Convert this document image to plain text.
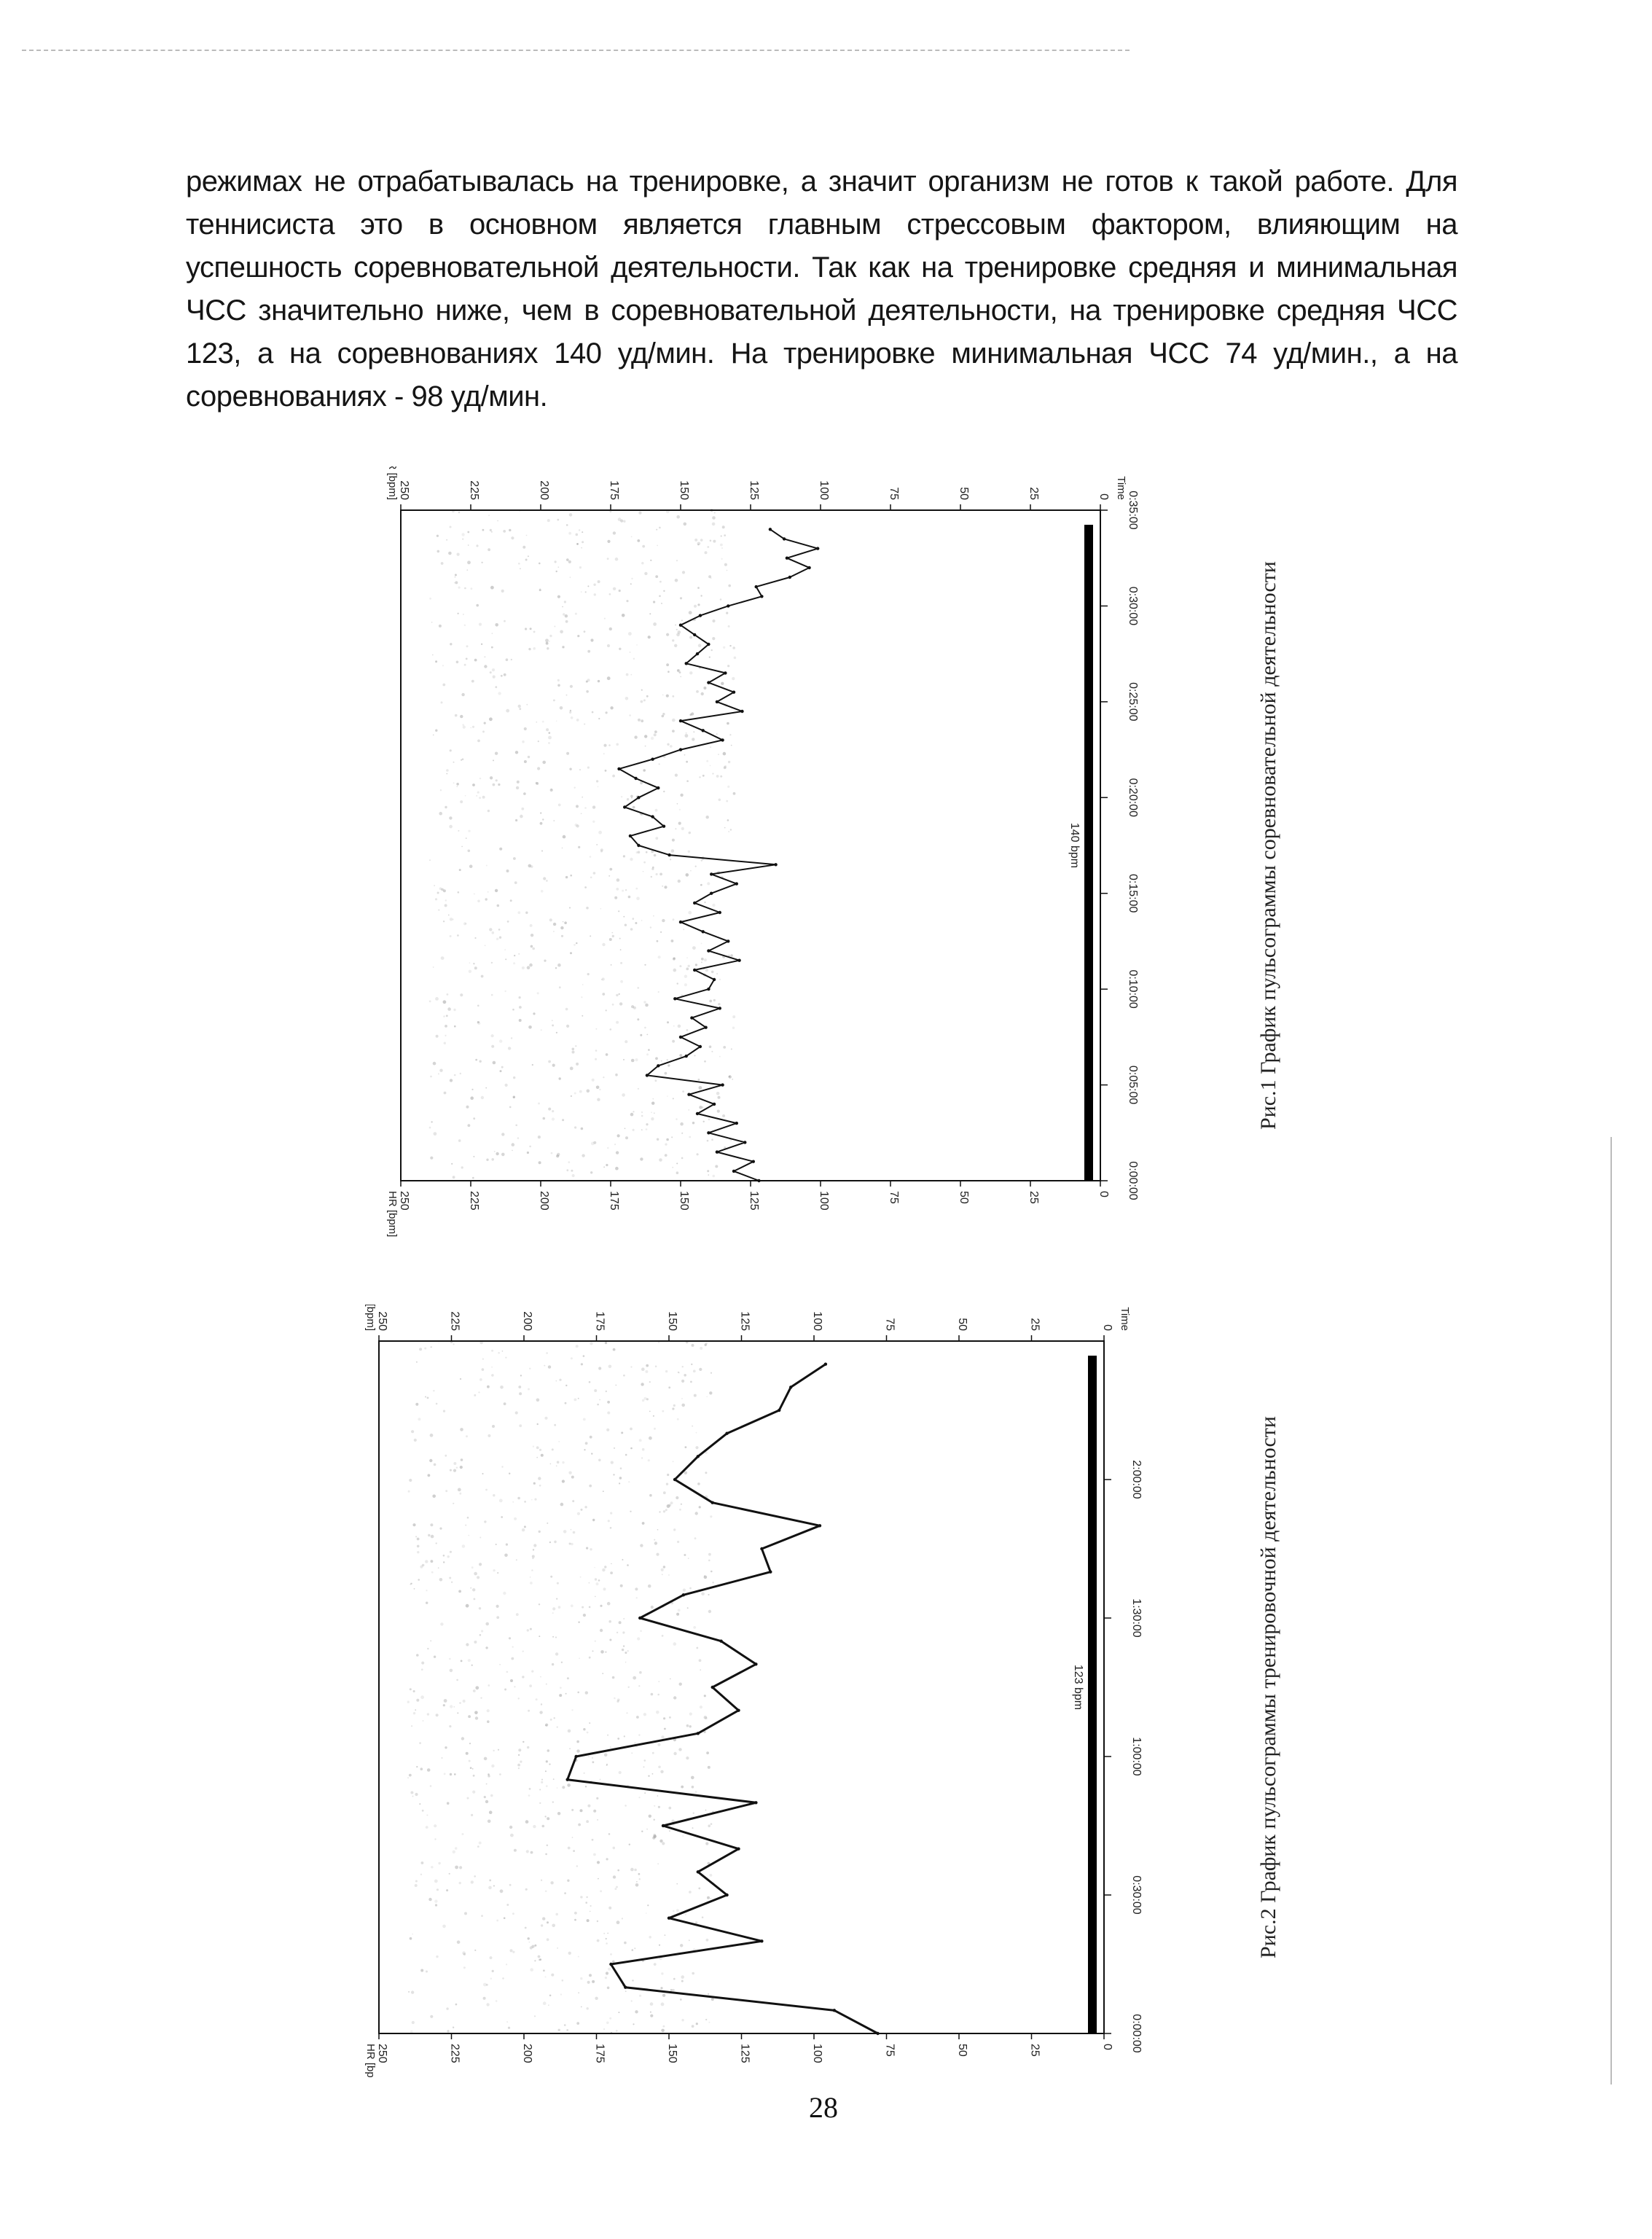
режимах не отрабатывалась на тренировке, а значит организм не готов к такой работе. Для теннисиста это в основном является главным стрессовым фактором, влияющим на успешность соревновательной деятельности. Так как на тренировке средняя и минимальная ЧСС значительно ниже, чем в соревновательной деятельности, на тренировке средняя ЧСС 123, а на соревнованиях 140 уд/мин. На тренировке минимальная ЧСС 74 уд/мин., а на соревнованиях - 98 уд/мин.
250
250
225
225
200
200
175
175
150
150
125
125
100
100
75
75
50
50
25
25
0
0
HR [bpm]
HR [bpm]
0:00:00
0:05:00
0:10:00
0:15:00
0:20:00
0:25:00
0:30:00
0:35:00
Time
140 bpm	Рис.1 График пульсограммы соревновательной деятельности
250
250
225
225
200
200
175
175
150
150
125
125
100
100
75
75
50
50
25
25
0
0
HR [bpm]
HR [bpm]
0:00:00
0:30:00
1:00:00
1:30:00
2:00:00
Time
123 bpm	Рис.2 График пульсограммы тренировочной деятельности
28
